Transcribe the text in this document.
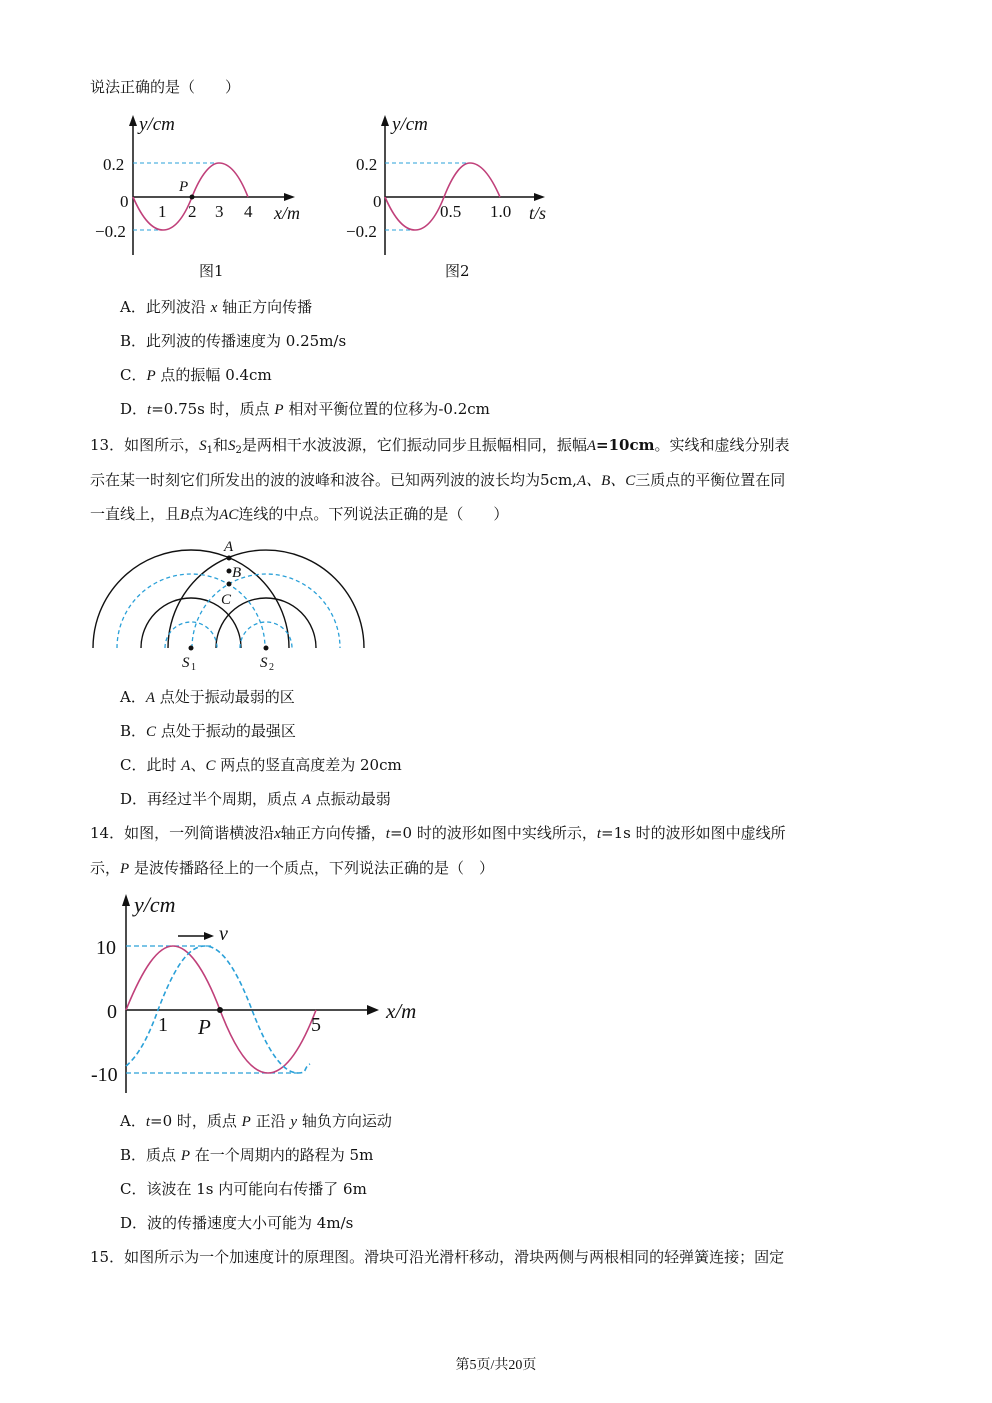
说法正确的是（　　）
y/cm
0.2
0
−0.2
1 2 3 4 x/m
P
图1
y/cm
0.2
0
−0.2
0.5 1.0 t/s
图2
A．此列波沿 x 轴正方向传播
B．此列波的传播速度为 0.25m/s
C．P 点的振幅 0.4cm
D．t=0.75s 时，质点 P 相对平衡位置的位移为-0.2cm
13．如图所示，$S_1$和$S_2$是两相干水波波源，它们振动同步且振幅相同，振幅A=10cm。实线和虚线分别表
示在某一时刻它们所发出的波的波峰和波谷。已知两列波的波长均为5cm,A、B、C三质点的平衡位置在同
一直线上，且B点为AC连线的中点。下列说法正确的是（　　）
A
B
C
S 1	S 2
A．A 点处于振动最弱的区
B．C 点处于振动的最强区
C．此时 A、C 两点的竖直高度差为 20cm
D．再经过半个周期，质点 A 点振动最弱
14．如图，一列简谐横波沿x轴正方向传播，t=0 时的波形如图中实线所示，t=1s 时的波形如图中虚线所
示，P 是波传播路径上的一个质点，下列说法正确的是（　）
y/cm
v
10
0
-10
1	5
P
x/m
A．t=0 时，质点 P 正沿 y 轴负方向运动
B．质点 P 在一个周期内的路程为 5m
C．该波在 1s 内可能向右传播了 6m
D．波的传播速度大小可能为 4m/s
15．如图所示为一个加速度计的原理图。滑块可沿光滑杆移动，滑块两侧与两根相同的轻弹簧连接；固定
第5页/共20页
